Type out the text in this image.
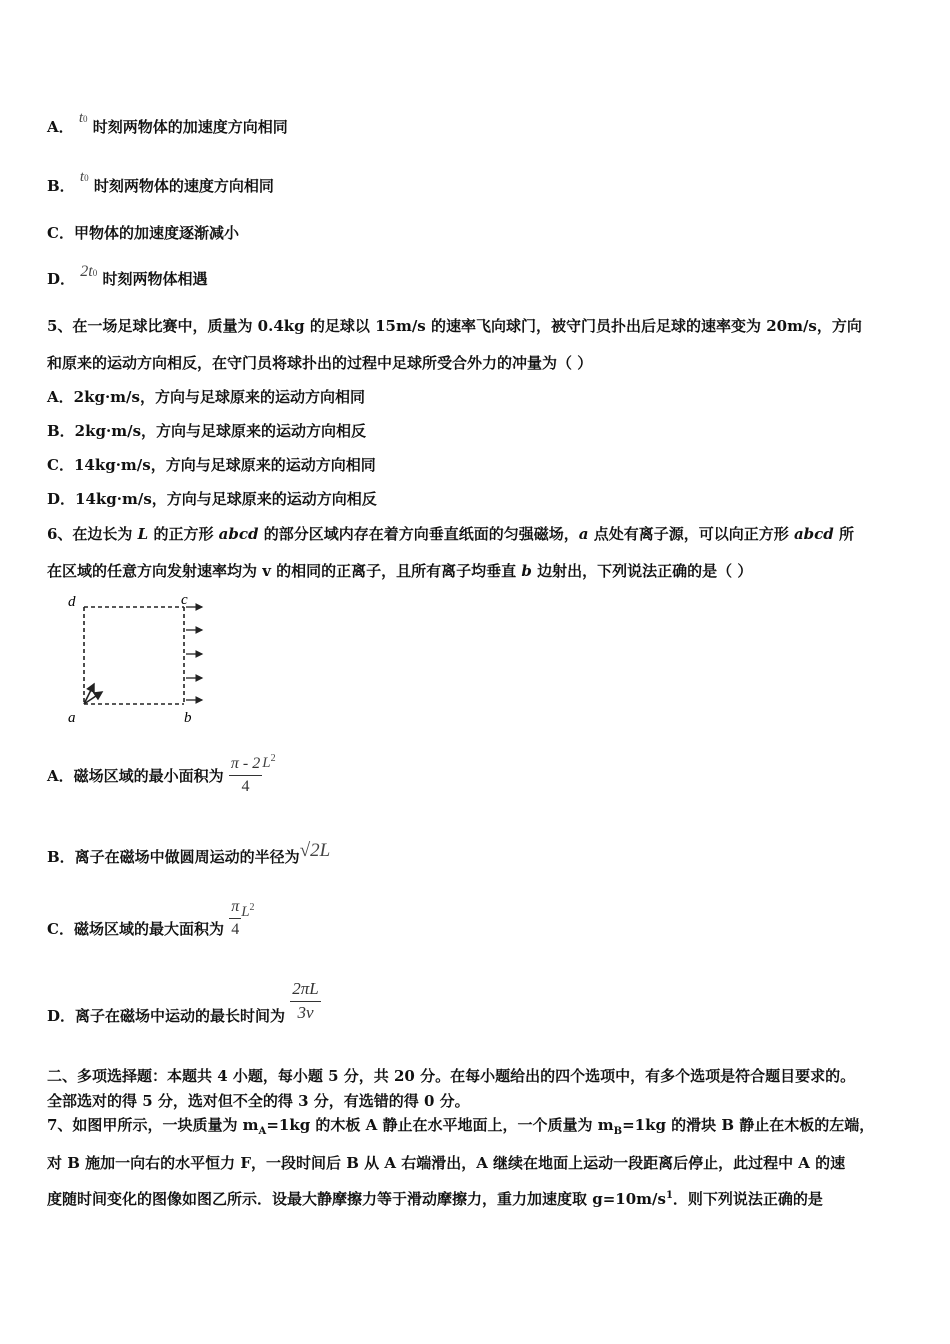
A． t0 时刻两物体的加速度方向相同
B． t0 时刻两物体的速度方向相同
C．甲物体的加速度逐渐减小
D． 2t0 时刻两物体相遇
5、在一场足球比赛中，质量为 0.4kg 的足球以 15m/s 的速率飞向球门，被守门员扑出后足球的速率变为 20m/s，方向
和原来的运动方向相反，在守门员将球扑出的过程中足球所受合外力的冲量为（ ）
A．2kg·m/s，方向与足球原来的运动方向相同
B．2kg·m/s，方向与足球原来的运动方向相反
C．14kg·m/s，方向与足球原来的运动方向相同
D．14kg·m/s，方向与足球原来的运动方向相反
6、在边长为 L 的正方形 abcd 的部分区域内存在着方向垂直纸面的匀强磁场，a 点处有离子源，可以向正方形 abcd 所
在区域的任意方向发射速率均为 v 的相同的正离子，且所有离子均垂直 b 边射出，下列说法正确的是（ ）
d	c
a	b
A．磁场区域的最小面积为 $\frac{\pi - 2}{4} L^2$
B．离子在磁场中做圆周运动的半径为√2L
C．磁场区域的最大面积为 $\frac{\pi}{4} L^2$
D．离子在磁场中运动的最长时间为 $\frac{2\pi L}{3v}$
二、多项选择题：本题共 4 小题，每小题 5 分，共 20 分。在每小题给出的四个选项中，有多个选项是符合题目要求的。
全部选对的得 5 分，选对但不全的得 3 分，有选错的得 0 分。
7、如图甲所示，一块质量为 $m_A=1kg$ 的木板 A 静止在水平地面上，一个质量为 $m_B=1kg$ 的滑块 B 静止在木板的左端，
对 B 施加一向右的水平恒力 F，一段时间后 B 从 A 右端滑出，A 继续在地面上运动一段距离后停止，此过程中 A 的速
度随时间变化的图像如图乙所示．设最大静摩擦力等于滑动摩擦力，重力加速度取 $g=10m/s^1$．则下列说法正确的是
